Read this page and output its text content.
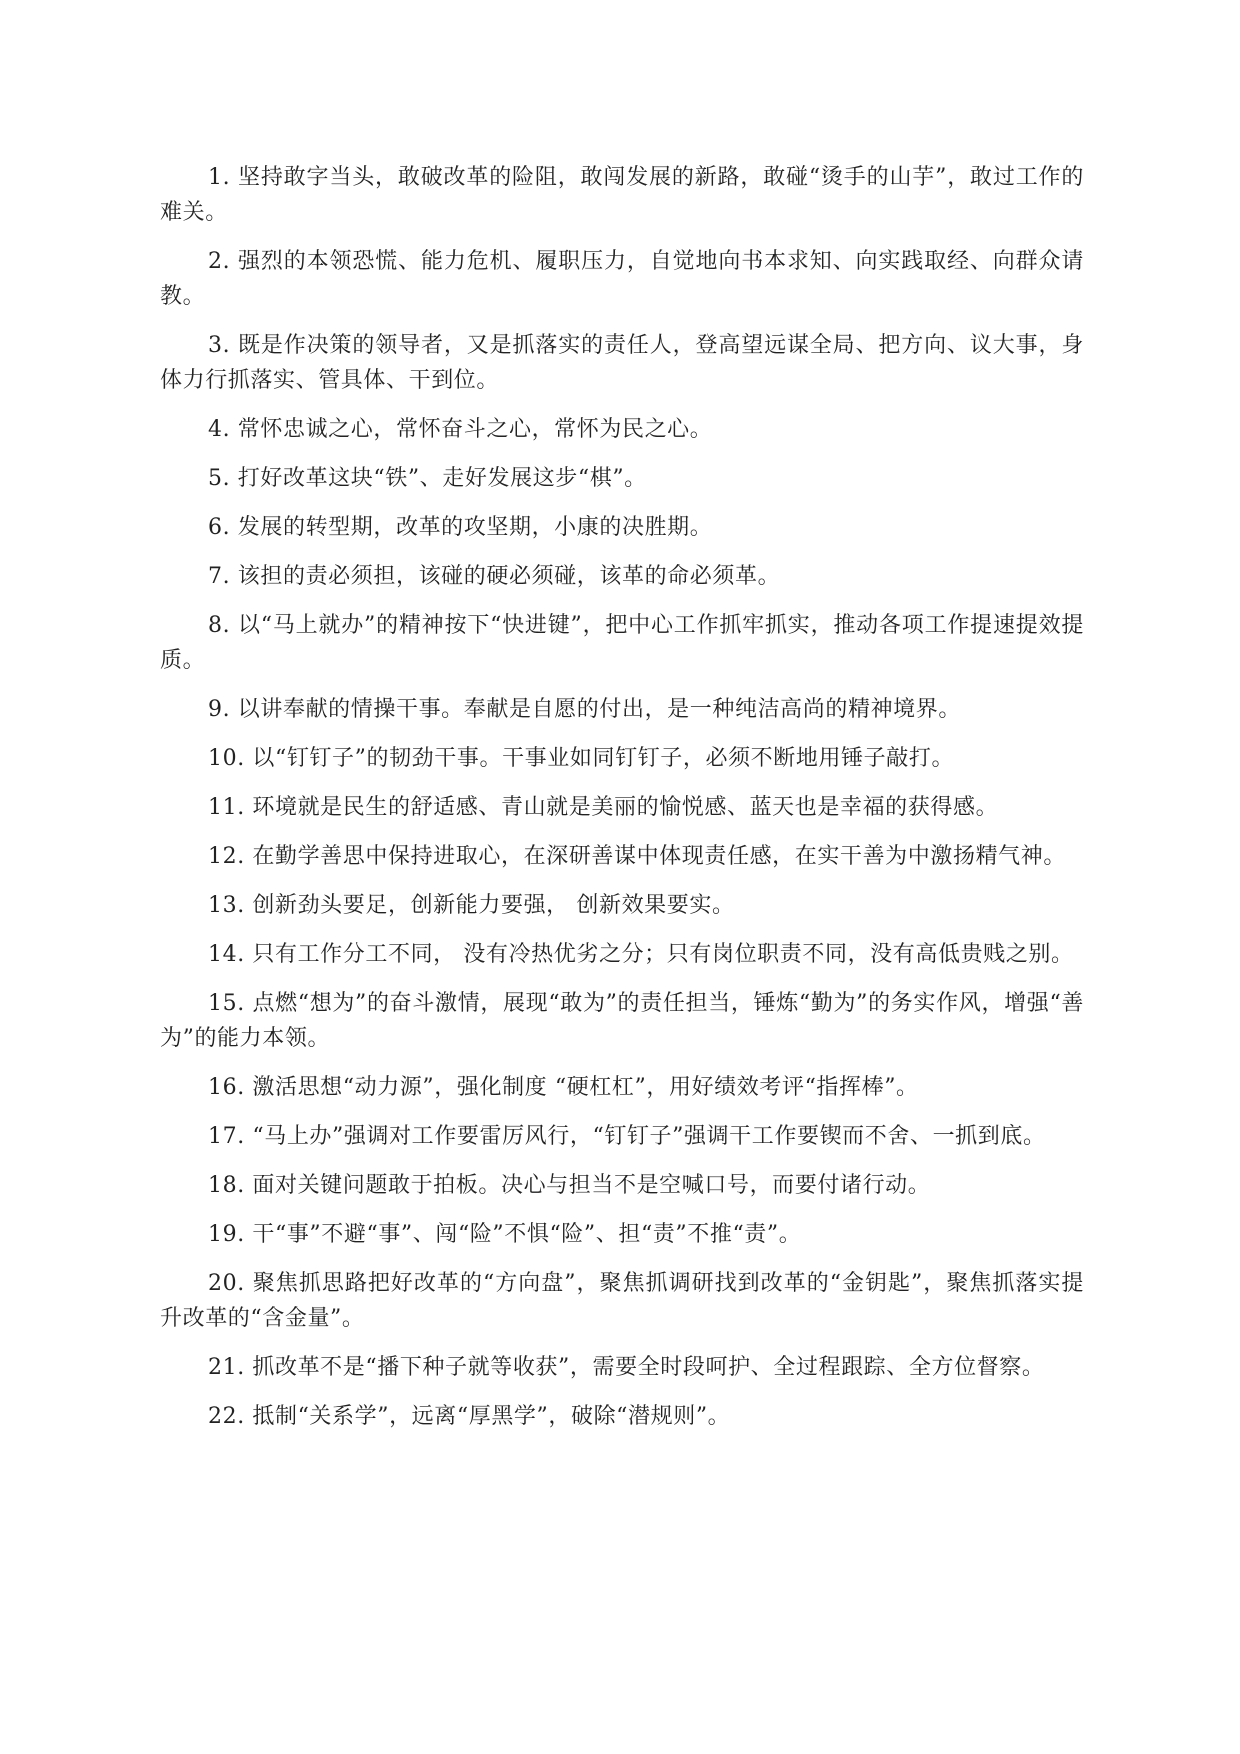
1. 坚持敢字当头，敢破改革的险阻，敢闯发展的新路，敢碰“烫手的山芋”，敢过工作的难关。

2. 强烈的本领恐慌、能力危机、履职压力，自觉地向书本求知、向实践取经、向群众请教。

3. 既是作决策的领导者，又是抓落实的责任人，登高望远谋全局、把方向、议大事，身体力行抓落实、管具体、干到位。

4. 常怀忠诚之心，常怀奋斗之心，常怀为民之心。

5. 打好改革这块“铁”、走好发展这步“棋”。

6. 发展的转型期，改革的攻坚期，小康的决胜期。

7. 该担的责必须担，该碰的硬必须碰，该革的命必须革。

8. 以“马上就办”的精神按下“快进键”，把中心工作抓牢抓实，推动各项工作提速提效提质。

9. 以讲奉献的情操干事。奉献是自愿的付出，是一种纯洁高尚的精神境界。

10. 以“钉钉子”的韧劲干事。干事业如同钉钉子，必须不断地用锤子敲打。

11. 环境就是民生的舒适感、青山就是美丽的愉悦感、蓝天也是幸福的获得感。

12. 在勤学善思中保持进取心，在深研善谋中体现责任感，在实干善为中激扬精气神。

13. 创新劲头要足，创新能力要强， 创新效果要实。

14. 只有工作分工不同， 没有冷热优劣之分；只有岗位职责不同，没有高低贵贱之别。

15. 点燃“想为”的奋斗激情，展现“敢为”的责任担当，锤炼“勤为”的务实作风，增强“善为”的能力本领。

16. 激活思想“动力源”，强化制度 “硬杠杠”，用好绩效考评“指挥棒”。

17. “马上办”强调对工作要雷厉风行，“钉钉子”强调干工作要锲而不舍、一抓到底。

18. 面对关键问题敢于拍板。决心与担当不是空喊口号，而要付诸行动。

19. 干“事”不避“事”、闯“险”不惧“险”、担“责”不推“责”。

20. 聚焦抓思路把好改革的“方向盘”，聚焦抓调研找到改革的“金钥匙”，聚焦抓落实提升改革的“含金量”。

21. 抓改革不是“播下种子就等收获”，需要全时段呵护、全过程跟踪、全方位督察。

22. 抵制“关系学”，远离“厚黑学”，破除“潜规则”。
